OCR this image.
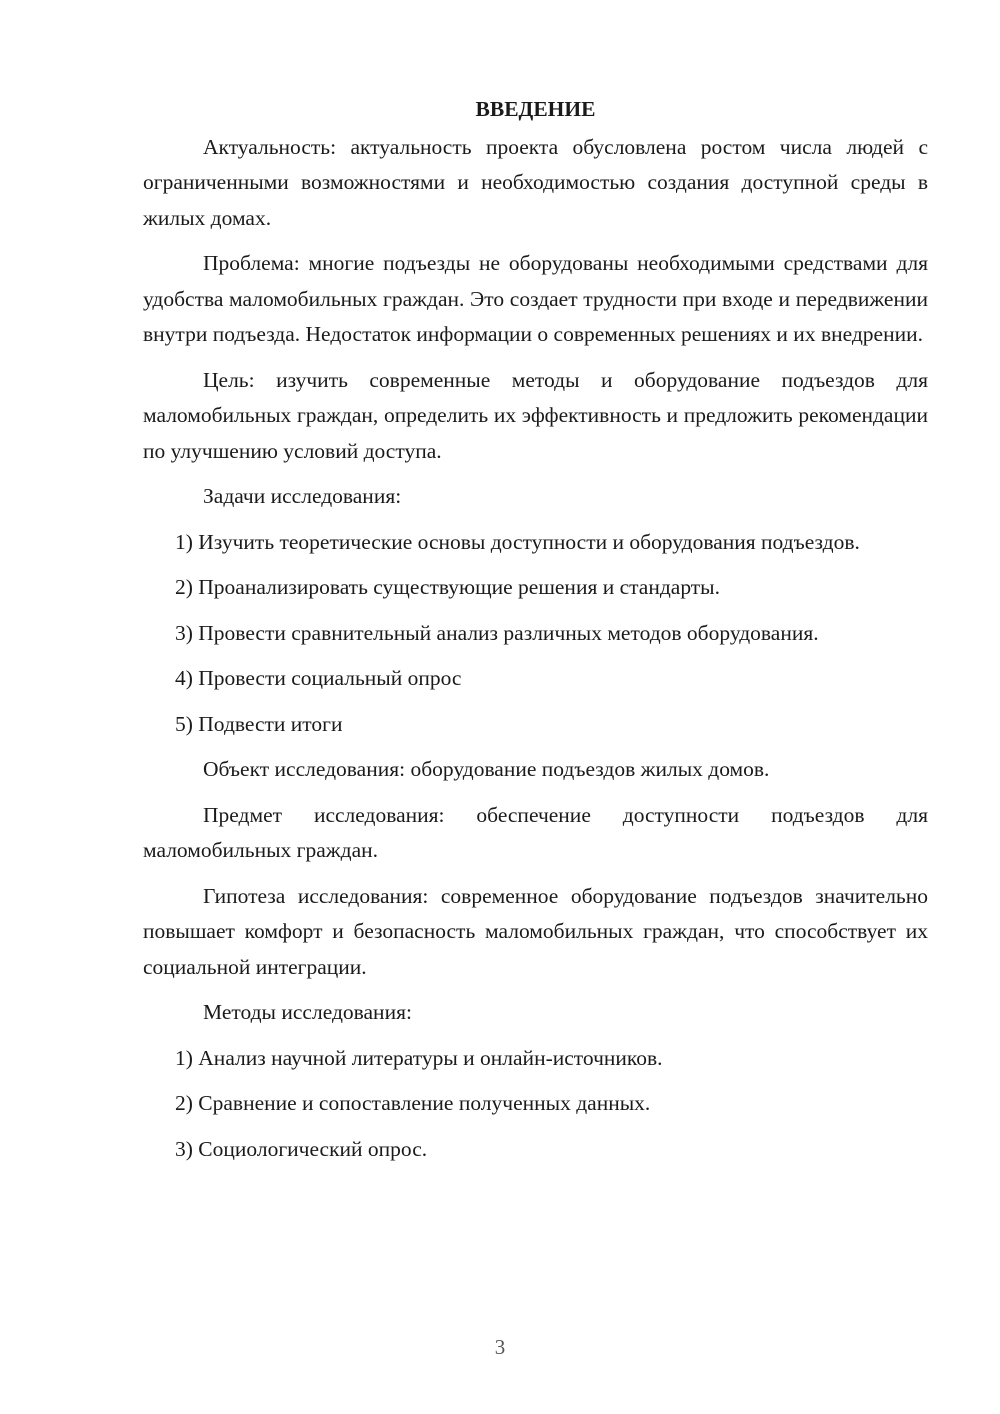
ВВЕДЕНИЕ

Актуальность: актуальность проекта обусловлена ростом числа людей с ограниченными возможностями и необходимостью создания доступной среды в жилых домах.

Проблема: многие подъезды не оборудованы необходимыми средствами для удобства маломобильных граждан. Это создает трудности при входе и передвижении внутри подъезда. Недостаток информации о современных решениях и их внедрении.

Цель: изучить современные методы и оборудование подъездов для маломобильных граждан, определить их эффективность и предложить рекомендации по улучшению условий доступа.

Задачи исследования:

1) Изучить теоретические основы доступности и оборудования подъездов.

2) Проанализировать существующие решения и стандарты.

3) Провести сравнительный анализ различных методов оборудования.

4) Провести социальный опрос

5) Подвести итоги

Объект исследования: оборудование подъездов жилых домов.

Предмет исследования: обеспечение доступности подъездов для маломобильных граждан.

Гипотеза исследования: современное оборудование подъездов значительно повышает комфорт и безопасность маломобильных граждан, что способствует их социальной интеграции.

Методы исследования:

1) Анализ научной литературы и онлайн-источников.

2) Сравнение и сопоставление полученных данных.

3) Социологический опрос.

3
